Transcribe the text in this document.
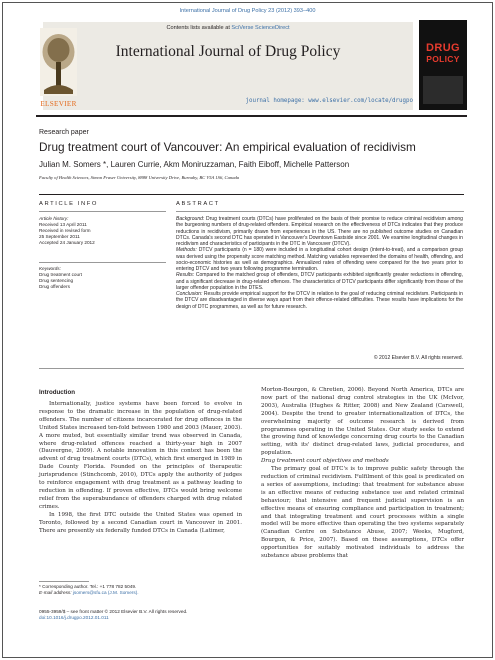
International Journal of Drug Policy 23 (2012) 393–400
Contents lists available at SciVerse ScienceDirect
International Journal of Drug Policy
journal homepage: www.elsevier.com/locate/drugpo
ELSEVIER
DRUG
POLICY
Research paper
Drug treatment court of Vancouver: An empirical evaluation of recidivism
Julian M. Somers *, Lauren Currie, Akm Moniruzzaman, Faith Eiboff, Michelle Patterson
Faculty of Health Sciences, Simon Fraser University, 8888 University Drive, Burnaby, BC V5A 1S6, Canada
ARTICLE INFO	ABSTRACT
Article history:
Received 13 April 2011
Received in revised form
25 September 2011
Accepted 24 January 2012
Keywords:
Drug treatment court
Drug sentencing
Drug offenders

Background: Drug treatment courts (DTCs) have proliferated on the basis of their promise to reduce criminal recidivism among the burgeoning numbers of drug-related offenders. Empirical research on the effectiveness of DTCs indicates that they produce reductions in recidivism, primarily drawn from experiences in the US. There are no published outcome studies on Canadian DTCs. Canada's second DTC has operated in Vancouver's Downtown Eastside since 2001. We examine longitudinal changes in recidivism and characteristics of participants in the DTC in Vancouver (DTCV).

Methods: DTCV participants (n = 180) were included in a longitudinal cohort design (intent-to-treat), and a comparison group was derived using the propensity score matching method. Matching variables represented the domains of health, offending, and socio-economic histories as well as demographics. Annualized rates of offending were compared for the two years prior to entering DTCV and two years following programme termination.

Results: Compared to the matched group of offenders, DTCV participants exhibited significantly greater reductions in offending, and a significant decrease in drug-related offences. The characteristics of DTCV participants differ significantly from those of the larger offender population in the DTES.

Conclusion: Results provide empirical support for the DTCV in relation to the goal of reducing criminal recidivism. Participants in the DTCV are disadvantaged in diverse ways apart from their offence-related difficulties. These results have implications for the design of DTC programmes, as well as for future research.

© 2012 Elsevier B.V. All rights reserved.
Introduction

Internationally, justice systems have been forced to evolve in response to the dramatic increase in the population of drug-related offenders. The number of citizens incarcerated for drug offences in the United States increased ten-fold between 1980 and 2003 (Mauer, 2003). A more muted, but essentially similar trend was observed in Canada, where drug-related offences reached a thirty-year high in 2007 (Dauvergne, 2009). A notable innovation in this context has been the advent of drug treatment courts (DTCs), which first emerged in 1989 in Dade County Florida. Founded on the principles of therapeutic jurisprudence (Stinchcomb, 2010), DTCs apply the authority of judges to reinforce engagement with drug treatment as a pathway leading to reduction in offending. If proven effective, DTCs would bring welcome relief from the superabundance of offenders charged with drug related crimes.

In 1998, the first DTC outside the United States was opened in Toronto, followed by a second Canadian court in Vancouver in 2001. There are presently six federally funded DTCs in Canada (Latimer,

Morton-Bourgon, & Chretien, 2006). Beyond North America, DTCs are now part of the national drug control strategies in the UK (McIvor, 2003), Australia (Hughes & Ritter, 2008) and New Zealand (Carswell, 2004). Despite the trend to greater internationalization of DTCs, the overwhelming majority of outcome research is derived from programmes operating in the United States. Our study seeks to extend the growing fund of knowledge concerning drug courts to the Canadian setting, with its' distinct drug-related laws, judicial procedures, and population.

Drug treatment court objectives and methods

The primary goal of DTC's is to improve public safety through the reduction of criminal recidivism. Fulfilment of this goal is predicated on a series of assumptions, including: that treatment for substance abuse is an effective means of reducing substance use and related criminal behaviour; that intensive and frequent judicial supervision is an effective means of ensuring compliance and participation in treatment; and that integrating treatment and court processes within a single model will be more effective than operating the two systems separately (Canadian Centre on Substance Abuse, 2007; Weeks, Mugford, Bourgon, & Price, 2007). Based on these assumptions, DTCs offer opportunities for suitably motivated individuals to address the substance abuse problems that

* Corresponding author. Tel.: +1 778 782 5049.
E-mail address: jsomers@sfu.ca (J.M. Somers).
0955-3959/$ – see front matter © 2012 Elsevier B.V. All rights reserved.
doi:10.1016/j.drugpo.2012.01.011
